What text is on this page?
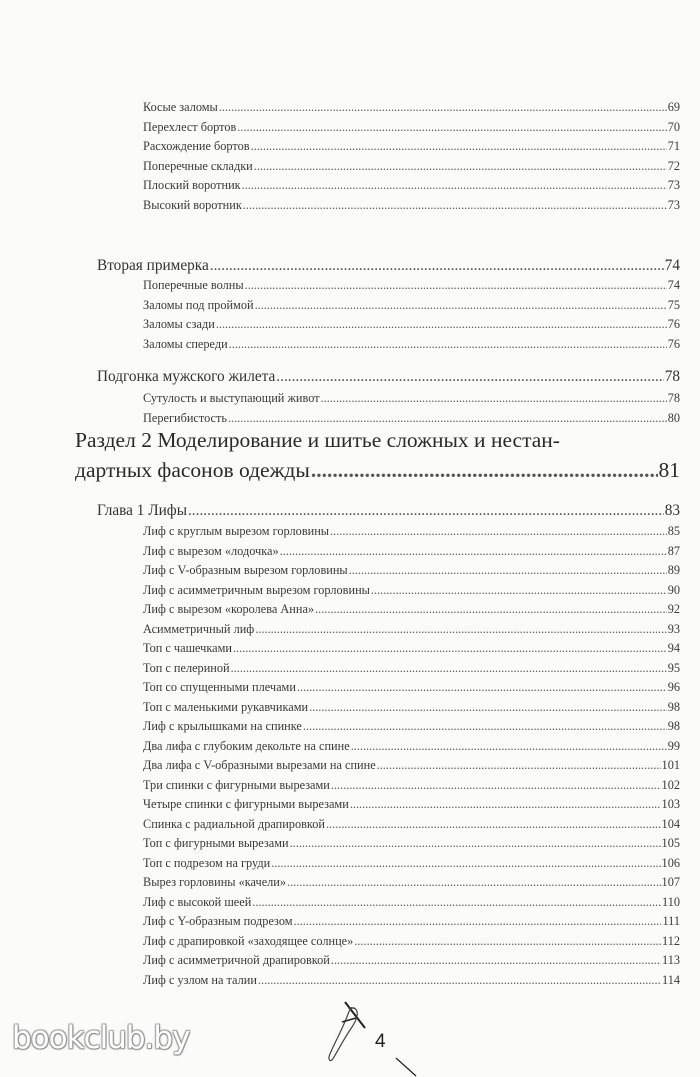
Косые заломы .....	69
Перехлест бортов .....	70
Расхождение бортов .....	71
Поперечные складки .....	72
Плоский воротник .....	73
Высокий воротник .....	73
Вторая примерка .....	74
Поперечные волны .....	74
Заломы под проймой .....	75
Заломы сзади .....	76
Заломы спереди .....	76
Подгонка мужского жилета .....	78
Сутулость и выступающий живот .....	78
Перегибистость .....	80
Раздел 2 Моделирование и шитье сложных и нестан-
дартных фасонов одежды .....	81
Глава 1 Лифы .....	83
Лиф с круглым вырезом горловины .....	85
Лиф с вырезом «лодочка» .....	87
Лиф с V-образным вырезом горловины .....	89
Лиф с асимметричным вырезом горловины .....	90
Лиф с вырезом «королева Анна» .....	92
Асимметричный лиф .....	93
Топ с чашечками .....	94
Топ с пелериной .....	95
Топ со спущенными плечами .....	96
Топ с маленькими рукавчиками .....	98
Лиф с крылышками на спинке .....	98
Два лифа с глубоким декольте на спине .....	99
Два лифа с V-образными вырезами на спине .....	101
Три спинки с фигурными вырезами .....	102
Четыре спинки с фигурными вырезами .....	103
Спинка с радиальной драпировкой .....	104
Топ с фигурными вырезами .....	105
Топ с подрезом на груди .....	106
Вырез горловины «качели» .....	107
Лиф с высокой шеей .....	110
Лиф с Y-образным подрезом .....	111
Лиф с драпировкой «заходящее солнце» .....	112
Лиф с асимметричной драпировкой .....	113
Лиф с узлом на талии .....	114
4
bookclub.by
